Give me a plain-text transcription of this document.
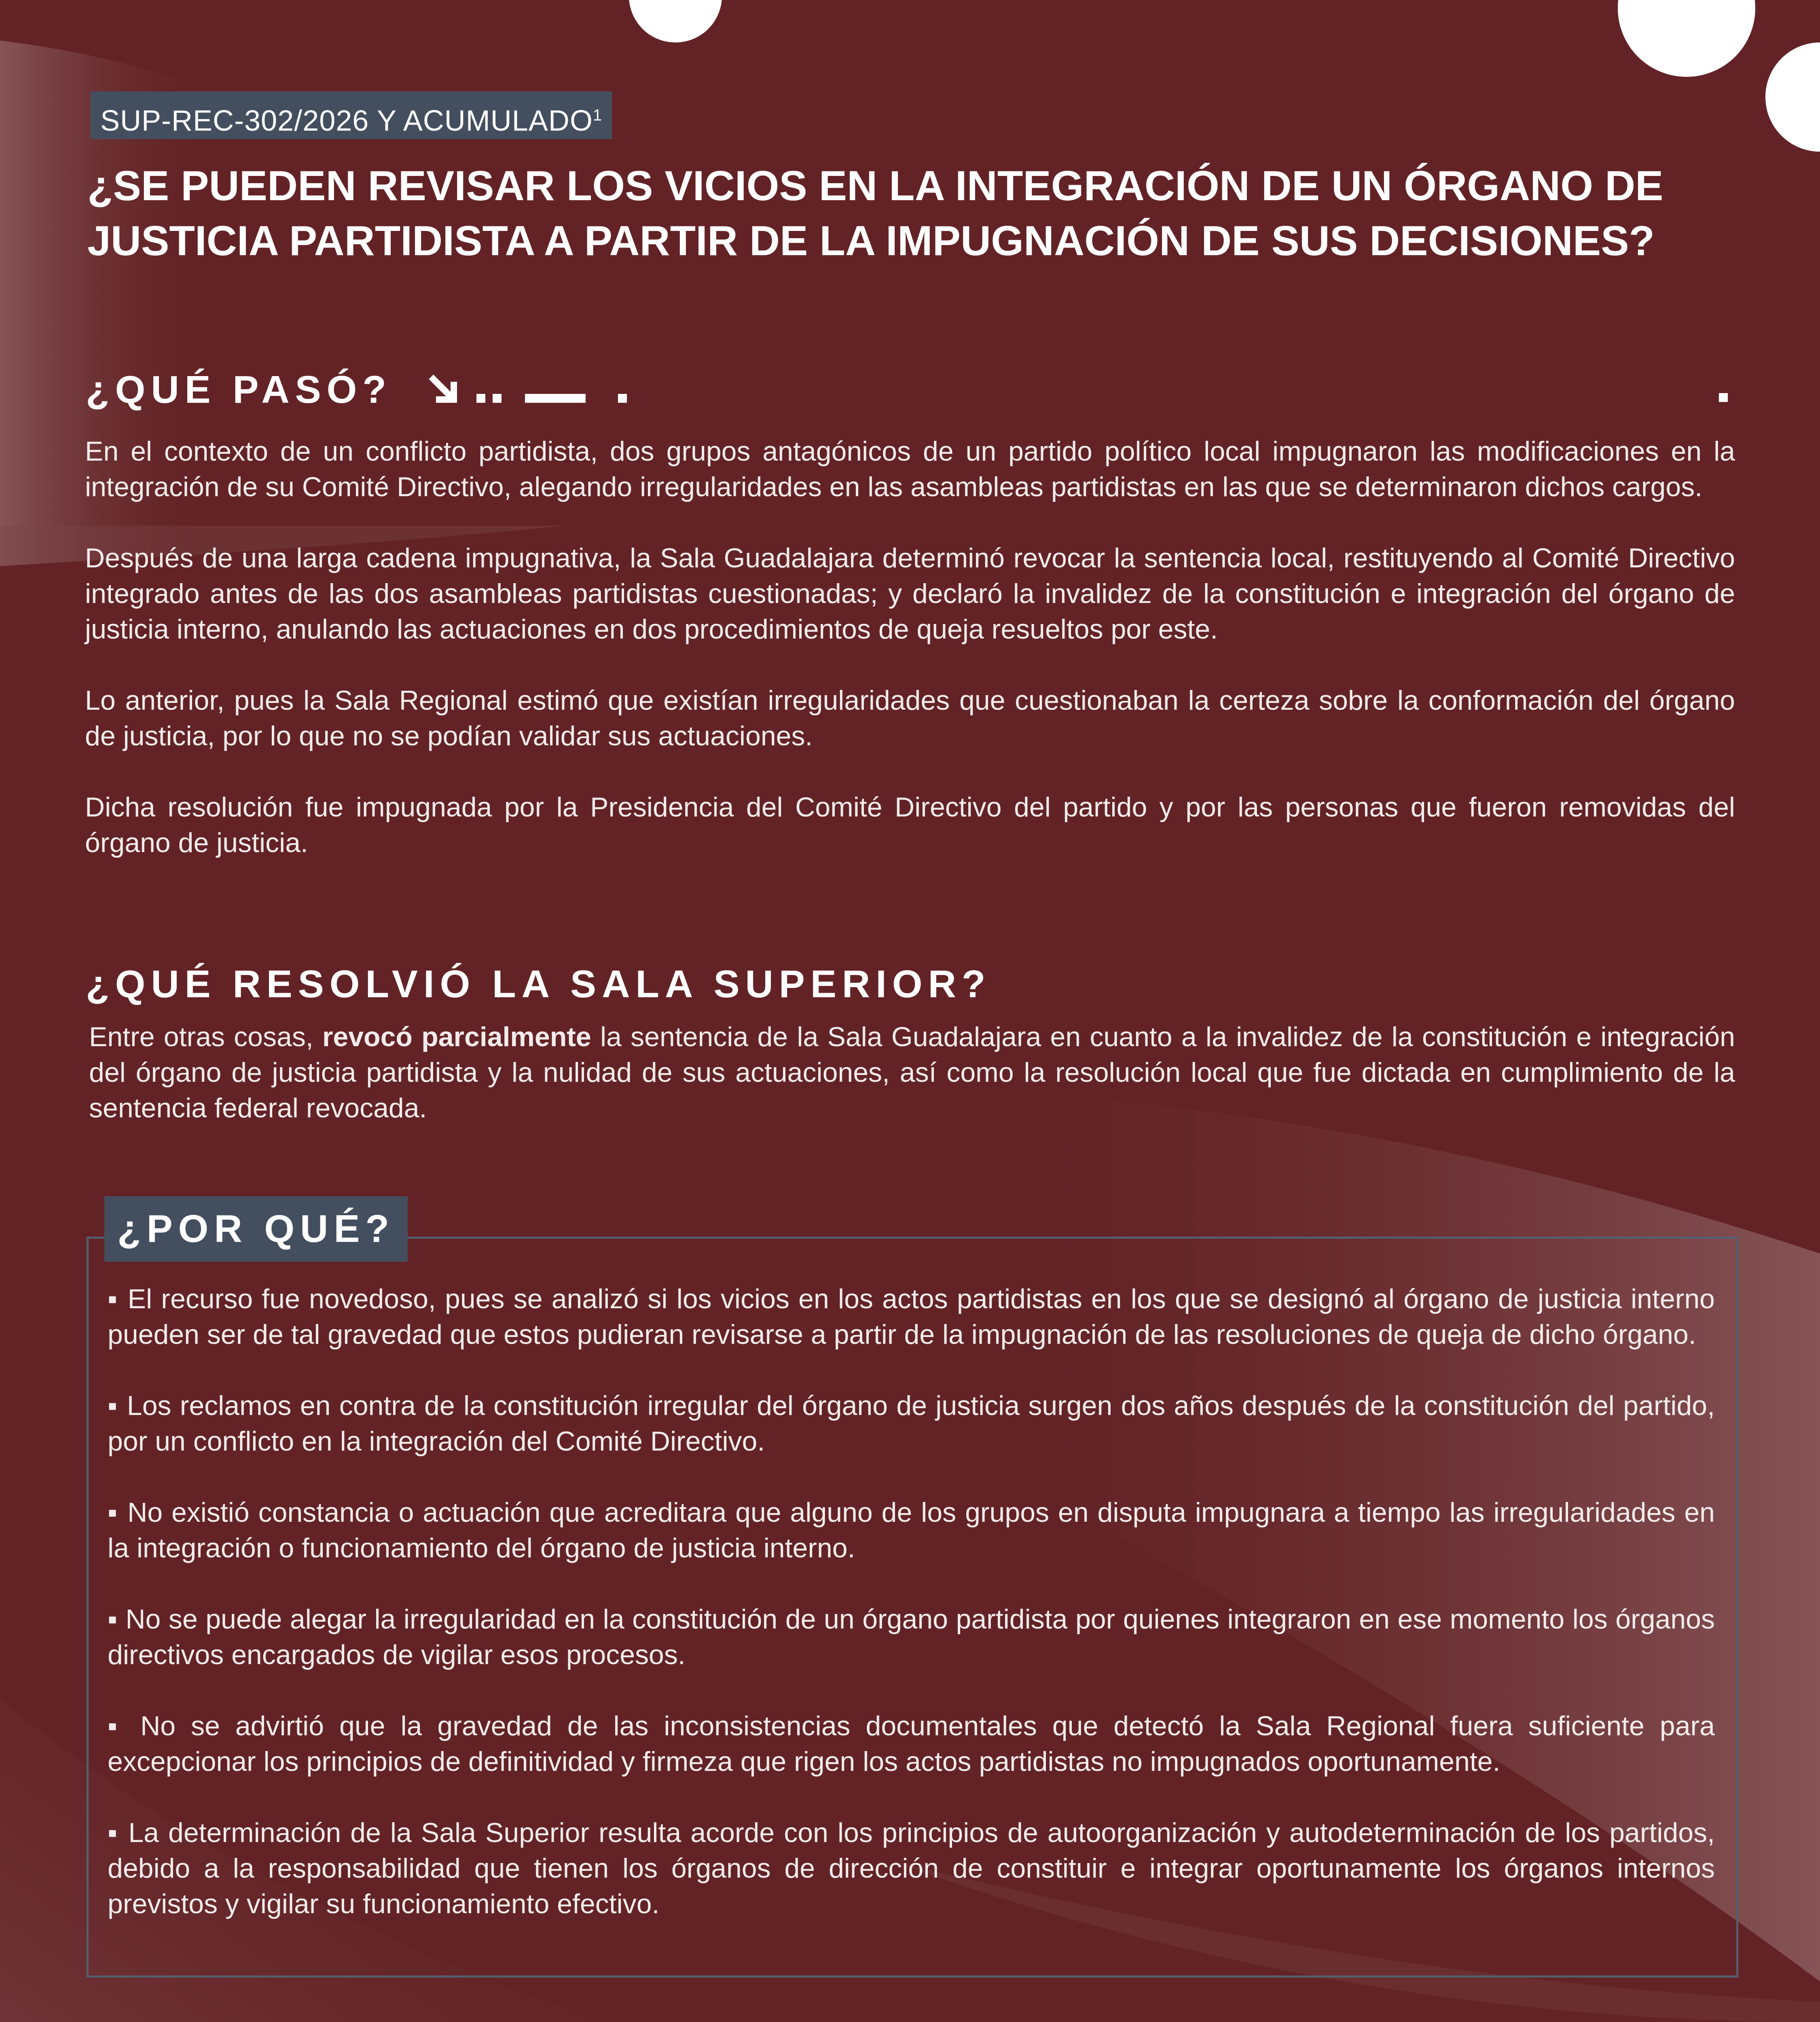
SUP-REC-302/2026 Y ACUMULADO$^1$
¿SE PUEDEN REVISAR LOS VICIOS EN LA INTEGRACIÓN DE UN ÓRGANO DE JUSTICIA PARTIDISTA A PARTIR DE LA IMPUGNACIÓN DE SUS DECISIONES?
¿QUÉ PASÓ?

En el contexto de un conflicto partidista, dos grupos antagónicos de un partido político local impugnaron las modificaciones en la integración de su Comité Directivo, alegando irregularidades en las asambleas partidistas en las que se determinaron dichos cargos.

Después de una larga cadena impugnativa, la Sala Guadalajara determinó revocar la sentencia local, restituyendo al Comité Directivo integrado antes de las dos asambleas partidistas cuestionadas; y declaró la invalidez de la constitución e integración del órgano de justicia interno, anulando las actuaciones en dos procedimientos de queja resueltos por este.

Lo anterior, pues la Sala Regional estimó que existían irregularidades que cuestionaban la certeza sobre la conformación del órgano de justicia, por lo que no se podían validar sus actuaciones.

Dicha resolución fue impugnada por la Presidencia del Comité Directivo del partido y por las personas que fueron removidas del órgano de justicia.

¿QUÉ RESOLVIÓ LA SALA SUPERIOR?
Entre otras cosas, revocó parcialmente la sentencia de la Sala Guadalajara en cuanto a la invalidez de la constitución e integración del órgano de justicia partidista y la nulidad de sus actuaciones, así como la resolución local que fue dictada en cumplimiento de la sentencia federal revocada.
¿POR QUÉ?

▪ El recurso fue novedoso, pues se analizó si los vicios en los actos partidistas en los que se designó al órgano de justicia interno pueden ser de tal gravedad que estos pudieran revisarse a partir de la impugnación de las resoluciones de queja de dicho órgano.

▪ Los reclamos en contra de la constitución irregular del órgano de justicia surgen dos años después de la constitución del partido, por un conflicto en la integración del Comité Directivo.

▪ No existió constancia o actuación que acreditara que alguno de los grupos en disputa impugnara a tiempo las irregularidades en la integración o funcionamiento del órgano de justicia interno.

▪ No se puede alegar la irregularidad en la constitución de un órgano partidista por quienes integraron en ese momento los órganos directivos encargados de vigilar esos procesos.

▪ No se advirtió que la gravedad de las inconsistencias documentales que detectó la Sala Regional fuera suficiente para excepcionar los principios de definitividad y firmeza que rigen los actos partidistas no impugnados oportunamente.

▪ La determinación de la Sala Superior resulta acorde con los principios de autoorganización y autodeterminación de los partidos, debido a la responsabilidad que tienen los órganos de dirección de constituir e integrar oportunamente los órganos internos previstos y vigilar su funcionamiento efectivo.
